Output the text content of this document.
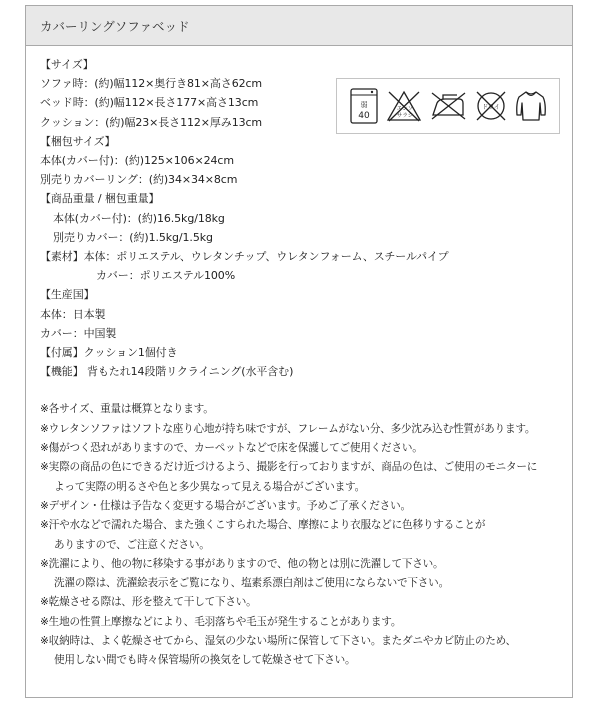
カバーリングソファベッド
弱
40
エンソ
サラシ
ドライ
【サイズ】
ソファ時：(約)幅112×奥行き81×高さ62cm
ベッド時：(約)幅112×長さ177×高さ13cm
クッション：(約)幅23×長さ112×厚み13cm
【梱包サイズ】
本体(カバー付)：(約)125×106×24cm
別売りカバーリング：(約)34×34×8cm
【商品重量 / 梱包重量】
本体(カバー付)：(約)16.5kg/18kg
別売りカバー：(約)1.5kg/1.5kg
【素材】本体：ポリエステル、ウレタンチップ、ウレタンフォーム、スチールパイプ
カバー：ポリエステル100%
【生産国】
本体：日本製
カバー：中国製
【付属】クッション1個付き
【機能】 背もたれ14段階リクライニング(水平含む)
※各サイズ、重量は概算となります。
※ウレタンソファはソフトな座り心地が持ち味ですが、フレームがない分、多少沈み込む性質があります。
※傷がつく恐れがありますので、カーペットなどで床を保護してご使用ください。
※実際の商品の色にできるだけ近づけるよう、撮影を行っておりますが、商品の色は、ご使用のモニターに
よって実際の明るさや色と多少異なって見える場合がございます。
※デザイン・仕様は予告なく変更する場合がございます。予めご了承ください。
※汗や水などで濡れた場合、また強くこすられた場合、摩擦により衣服などに色移りすることが
ありますので、ご注意ください。
※洗濯により、他の物に移染する事がありますので、他の物とは別に洗濯して下さい。
洗濯の際は、洗濯絵表示をご覧になり、塩素系漂白剤はご使用にならないで下さい。
※乾燥させる際は、形を整えて干して下さい。
※生地の性質上摩擦などにより、毛羽落ちや毛玉が発生することがあります。
※収納時は、よく乾燥させてから、湿気の少ない場所に保管して下さい。またダニやカビ防止のため、
使用しない間でも時々保管場所の換気をして乾燥させて下さい。
